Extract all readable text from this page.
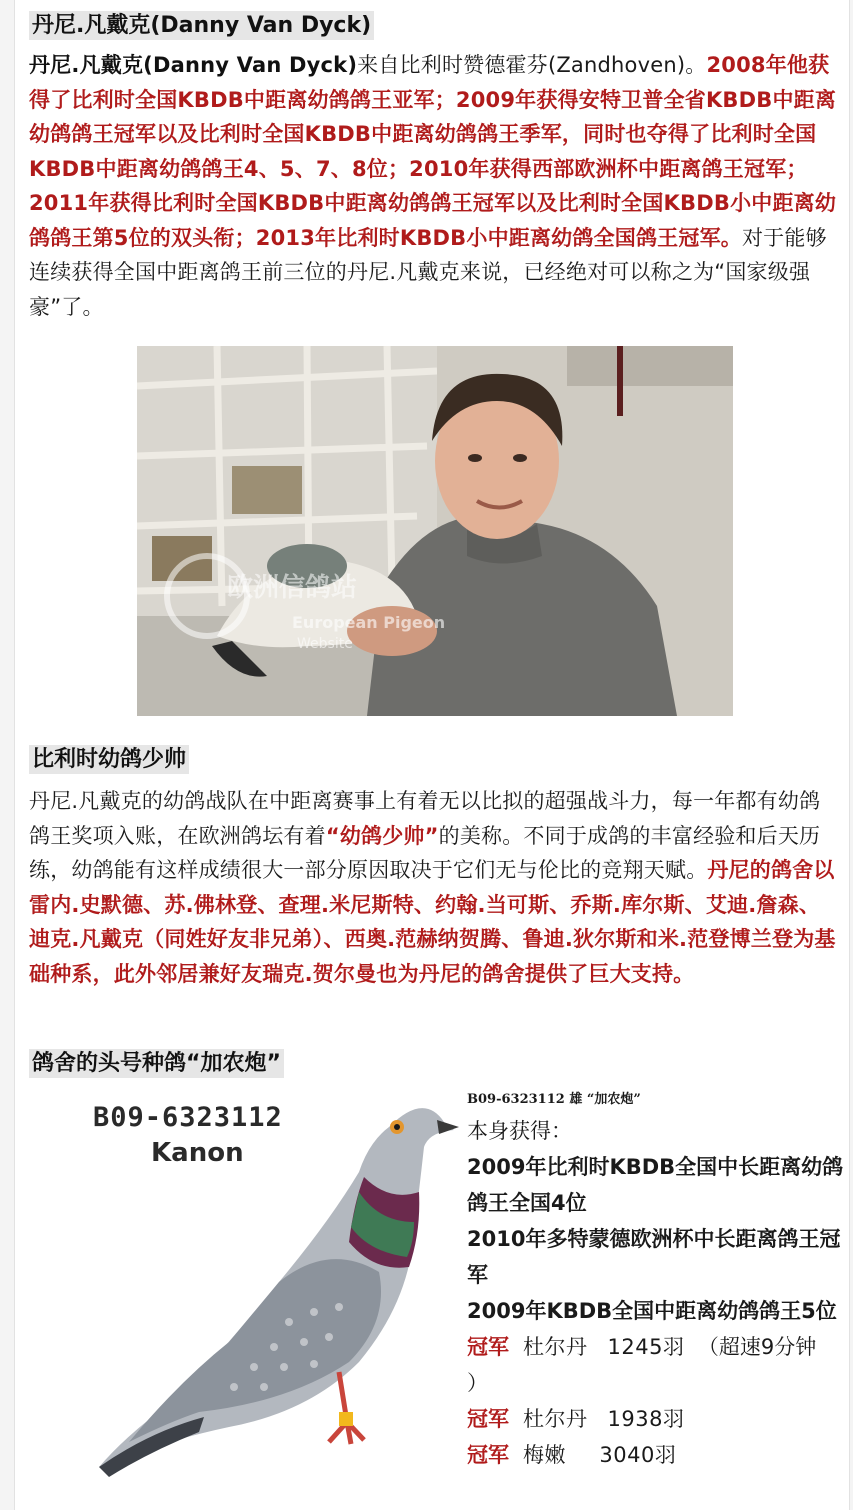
丹尼.凡戴克(Danny Van Dyck)

丹尼.凡戴克(Danny Van Dyck)来自比利时赞德霍芬(Zandhoven)。2008年他获得了比利时全国KBDB中距离幼鸽鸽王亚军；2009年获得安特卫普全省KBDB中距离幼鸽鸽王冠军以及比利时全国KBDB中距离幼鸽鸽王季军，同时也夺得了比利时全国KBDB中距离幼鸽鸽王4、5、7、8位；2010年获得西部欧洲杯中距离鸽王冠军；2011年获得比利时全国KBDB中距离幼鸽鸽王冠军以及比利时全国KBDB小中距离幼鸽鸽王第5位的双头衔；2013年比利时KBDB小中距离幼鸽全国鸽王冠军。对于能够连续获得全国中距离鸽王前三位的丹尼.凡戴克来说，已经绝对可以称之为“国家级强豪”了。

欧洲信鸽站
European Pigeon
Website
比利时幼鸽少帅

丹尼.凡戴克的幼鸽战队在中距离赛事上有着无以比拟的超强战斗力，每一年都有幼鸽鸽王奖项入账，在欧洲鸽坛有着“幼鸽少帅”的美称。不同于成鸽的丰富经验和后天历练，幼鸽能有这样成绩很大一部分原因取决于它们无与伦比的竞翔天赋。丹尼的鸽舍以雷内.史默德、苏.佛林登、查理.米尼斯特、约翰.当可斯、乔斯.库尔斯、艾迪.詹森、迪克.凡戴克（同姓好友非兄弟）、西奥.范赫纳贺腾、鲁迪.狄尔斯和米.范登博兰登为基础种系，此外邻居兼好友瑞克.贺尔曼也为丹尼的鸽舍提供了巨大支持。

鸽舍的头号种鸽“加农炮”
B09-6323112
Kanon
B09-6323112 雄 “加农炮”
本身获得：
2009年比利时KBDB全国中长距离幼鸽鸽王全国4位
2010年多特蒙德欧洲杯中长距离鸽王冠军
2009年KBDB全国中距离幼鸽鸽王5位
冠军 杜尔丹 1245羽 （超速9分钟
）
冠军 杜尔丹 1938羽
冠军 梅嫩 3040羽
